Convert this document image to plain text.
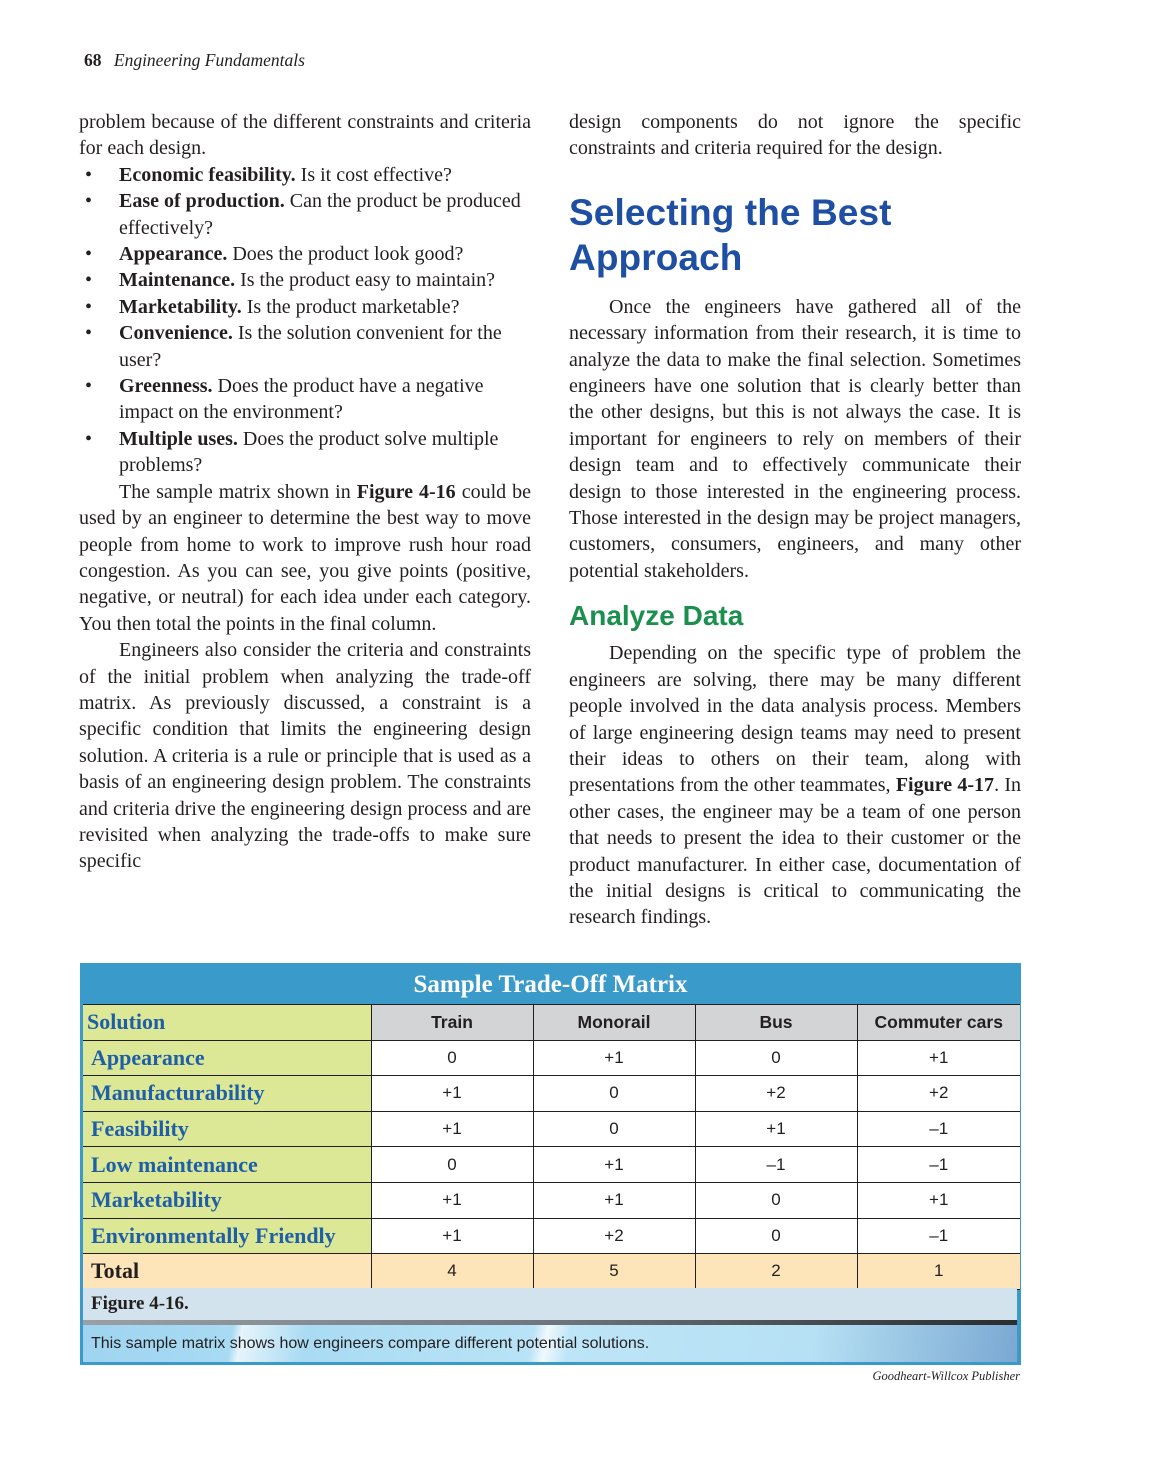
68 Engineering Fundamentals

problem because of the different constraints and criteria for each design.

• Economic feasibility. Is it cost effective?
• Ease of production. Can the product be produced effectively?
• Appearance. Does the product look good?
• Maintenance. Is the product easy to maintain?
• Marketability. Is the product marketable?
• Convenience. Is the solution convenient for the user?
• Greenness. Does the product have a negative impact on the environment?
• Multiple uses. Does the product solve multiple problems?

The sample matrix shown in Figure 4-16 could be used by an engineer to determine the best way to move people from home to work to improve rush hour road congestion. As you can see, you give points (positive, negative, or neutral) for each idea under each category. You then total the points in the final column.

Engineers also consider the criteria and constraints of the initial problem when analyzing the trade-off matrix. As previously discussed, a constraint is a specific condition that limits the engineering design solution. A criteria is a rule or principle that is used as a basis of an engineering design problem. The constraints and criteria drive the engineering design process and are revisited when analyzing the trade-offs to make sure specific

design components do not ignore the specific constraints and criteria required for the design.

Selecting the Best Approach

Once the engineers have gathered all of the necessary information from their research, it is time to analyze the data to make the final selection. Sometimes engineers have one solution that is clearly better than the other designs, but this is not always the case. It is important for engineers to rely on members of their design team and to effectively communicate their design to those interested in the engineering process. Those interested in the design may be project managers, customers, consumers, engineers, and many other potential stakeholders.

Analyze Data

Depending on the specific type of problem the engineers are solving, there may be many different people involved in the data analysis process. Members of large engineering design teams may need to present their ideas to others on their team, along with presentations from the other teammates, Figure 4-17. In other cases, the engineer may be a team of one person that needs to present the idea to their customer or the product manufacturer. In either case, documentation of the initial designs is critical to communicating the research findings.

Sample Trade-Off Matrix
Solution	Train	Monorail	Bus	Commuter cars
Appearance	0	+1	0	+1
Manufacturability	+1	0	+2	+2
Feasibility	+1	0	+1	–1
Low maintenance	0	+1	–1	–1
Marketability	+1	+1	0	+1
Environmentally Friendly	+1	+2	0	–1
Total	4	5	2	1
Figure 4-16.
This sample matrix shows how engineers compare different potential solutions.
Goodheart-Willcox Publisher
